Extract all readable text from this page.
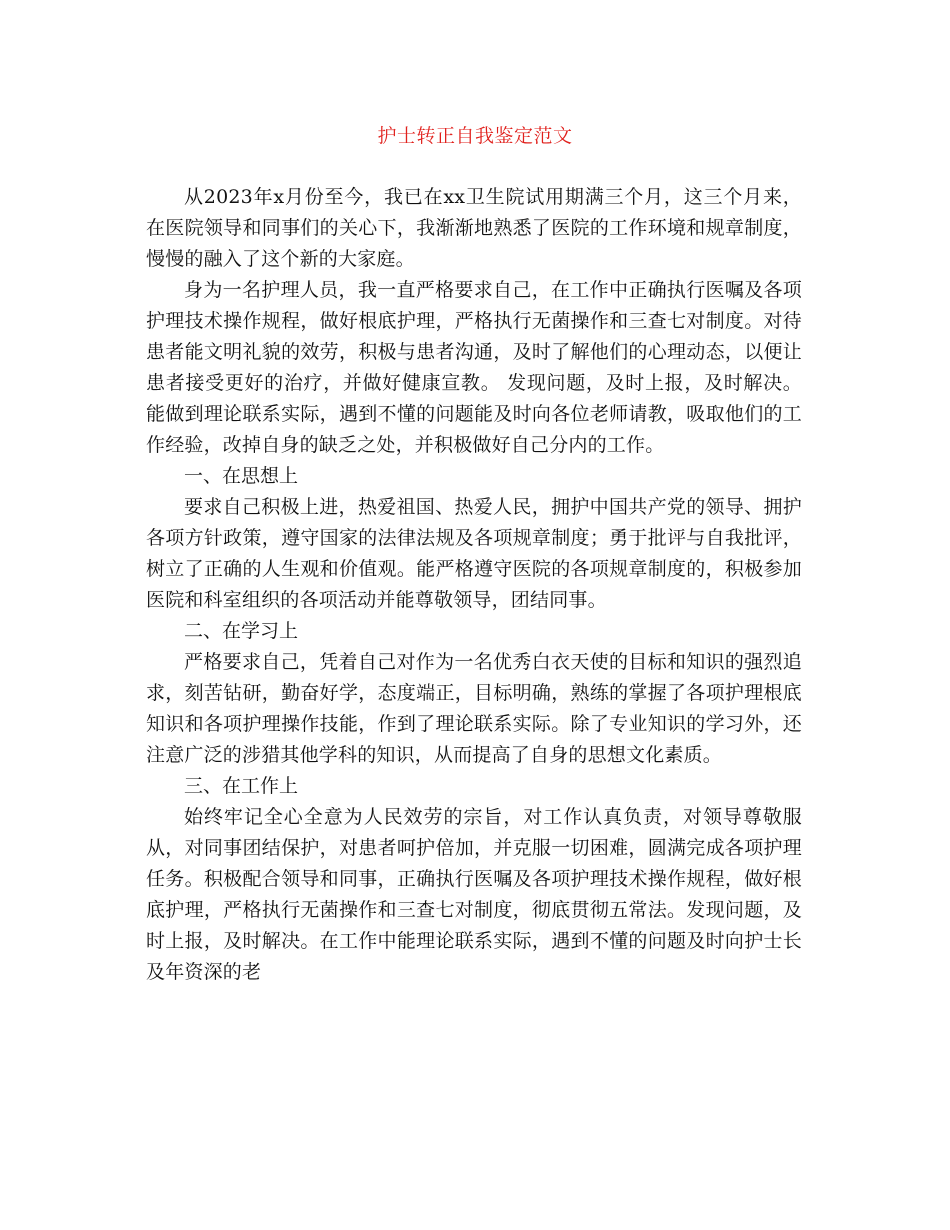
护士转正自我鉴定范文

从2023年x月份至今，我已在xx卫生院试用期满三个月，这三个月来，在医院领导和同事们的关心下，我渐渐地熟悉了医院的工作环境和规章制度，慢慢的融入了这个新的大家庭。

身为一名护理人员，我一直严格要求自己，在工作中正确执行医嘱及各项护理技术操作规程，做好根底护理，严格执行无菌操作和三查七对制度。对待患者能文明礼貌的效劳，积极与患者沟通，及时了解他们的心理动态，以便让患者接受更好的治疗，并做好健康宣教。 发现问题，及时上报，及时解决。能做到理论联系实际，遇到不懂的问题能及时向各位老师请教，吸取他们的工作经验，改掉自身的缺乏之处，并积极做好自己分内的工作。

一、在思想上

要求自己积极上进，热爱祖国、热爱人民，拥护中国共产党的领导、拥护各项方针政策，遵守国家的法律法规及各项规章制度；勇于批评与自我批评，树立了正确的人生观和价值观。能严格遵守医院的各项规章制度的，积极参加医院和科室组织的各项活动并能尊敬领导，团结同事。

二、在学习上

严格要求自己，凭着自己对作为一名优秀白衣天使的目标和知识的强烈追求，刻苦钻研，勤奋好学，态度端正，目标明确，熟练的掌握了各项护理根底知识和各项护理操作技能，作到了理论联系实际。除了专业知识的学习外，还注意广泛的涉猎其他学科的知识，从而提高了自身的思想文化素质。

三、在工作上

始终牢记全心全意为人民效劳的宗旨，对工作认真负责，对领导尊敬服从，对同事团结保护，对患者呵护倍加，并克服一切困难，圆满完成各项护理任务。积极配合领导和同事，正确执行医嘱及各项护理技术操作规程，做好根底护理，严格执行无菌操作和三查七对制度，彻底贯彻五常法。发现问题，及时上报，及时解决。在工作中能理论联系实际，遇到不懂的问题及时向护士长及年资深的老
